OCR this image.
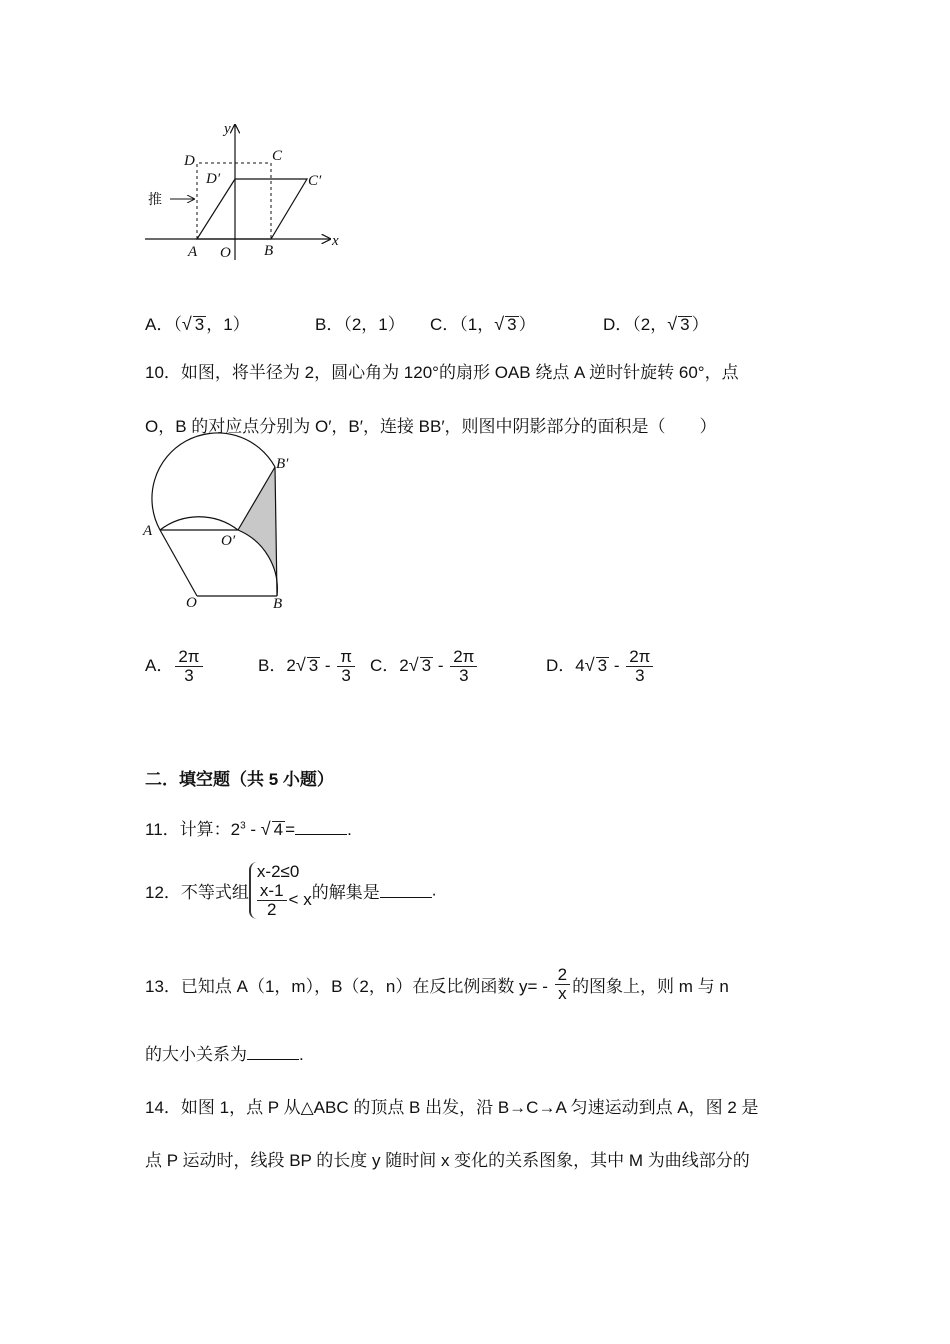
y
x
D	C
D′	C′
推
A O B
A．（√ 3 ，1）	B．（2，1） C．（1，√ 3 ）	D．（2，√ 3 ）
10．如图，将半径为 2，圆心角为 120°的扇形 OAB 绕点 A 逆时针旋转 60°，点
O，B 的对应点分别为 O′，B′，连接 BB′，则图中阴影部分的面积是（　　）
B′
A
O′
O	B
A． $\frac{2\pi}{3}$	B．2√ $3 - \frac{\pi}{3}$ C．2√ $3 - \frac{2\pi}{3}$	D．4√ $3 - \frac{2\pi}{3}$
二．填空题（共 5 小题）
11．计算：$2^3$ - √ 4 =	.
12．不等式组
x-2≤0
$\frac{x-1}{2} < x$ 的解集是	.
13．已知点 A（1，m），B（2，n）在反比例函数 $y= - \frac{2}{x}$ 的图象上，则 m 与 n
的大小关系为	.
14．如图 1，点 P 从△ABC 的顶点 B 出发，沿 B→C→A 匀速运动到点 A，图 2 是
点 P 运动时，线段 BP 的长度 y 随时间 x 变化的关系图象，其中 M 为曲线部分的
